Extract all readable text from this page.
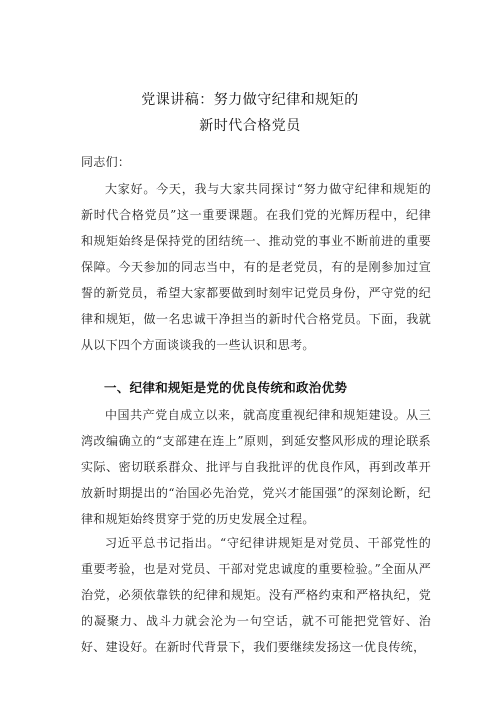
党课讲稿：努力做守纪律和规矩的
新时代合格党员
同志们：
大家好。今天，我与大家共同探讨“努力做守纪律和规矩的新时代合格党员”这一重要课题。在我们党的光辉历程中，纪律和规矩始终是保持党的团结统一、推动党的事业不断前进的重要保障。今天参加的同志当中，有的是老党员，有的是刚参加过宣誓的新党员，希望大家都要做到时刻牢记党员身份，严守党的纪律和规矩，做一名忠诚干净担当的新时代合格党员。下面，我就从以下四个方面谈谈我的一些认识和思考。
一、纪律和规矩是党的优良传统和政治优势
中国共产党自成立以来，就高度重视纪律和规矩建设。从三湾改编确立的“支部建在连上”原则，到延安整风形成的理论联系实际、密切联系群众、批评与自我批评的优良作风，再到改革开放新时期提出的“治国必先治党，党兴才能国强”的深刻论断，纪律和规矩始终贯穿于党的历史发展全过程。
习近平总书记指出。“守纪律讲规矩是对党员、干部党性的重要考验，也是对党员、干部对党忠诚度的重要检验。”全面从严治党，必须依靠铁的纪律和规矩。没有严格约束和严格执纪，党的凝聚力、战斗力就会沦为一句空话，就不可能把党管好、治好、建设好。在新时代背景下，我们要继续发扬这一优良传统，
